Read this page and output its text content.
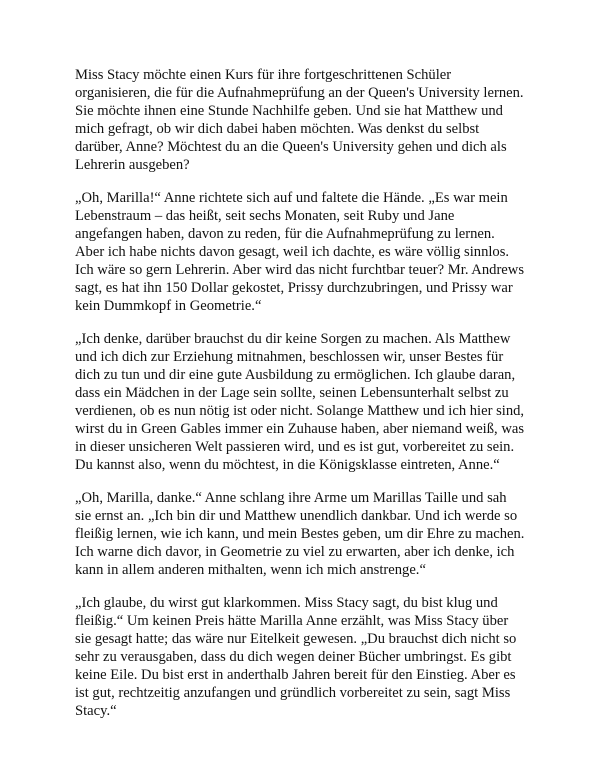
Miss Stacy möchte einen Kurs für ihre fortgeschrittenen Schüler organisieren, die für die Aufnahmeprüfung an der Queen's University lernen. Sie möchte ihnen eine Stunde Nachhilfe geben. Und sie hat Matthew und mich gefragt, ob wir dich dabei haben möchten. Was denkst du selbst darüber, Anne? Möchtest du an die Queen's University gehen und dich als Lehrerin ausgeben?

„Oh, Marilla!“ Anne richtete sich auf und faltete die Hände. „Es war mein Lebenstraum – das heißt, seit sechs Monaten, seit Ruby und Jane angefangen haben, davon zu reden, für die Aufnahmeprüfung zu lernen. Aber ich habe nichts davon gesagt, weil ich dachte, es wäre völlig sinnlos. Ich wäre so gern Lehrerin. Aber wird das nicht furchtbar teuer? Mr. Andrews sagt, es hat ihn 150 Dollar gekostet, Prissy durchzubringen, und Prissy war kein Dummkopf in Geometrie.“

„Ich denke, darüber brauchst du dir keine Sorgen zu machen. Als Matthew und ich dich zur Erziehung mitnahmen, beschlossen wir, unser Bestes für dich zu tun und dir eine gute Ausbildung zu ermöglichen. Ich glaube daran, dass ein Mädchen in der Lage sein sollte, seinen Lebensunterhalt selbst zu verdienen, ob es nun nötig ist oder nicht. Solange Matthew und ich hier sind, wirst du in Green Gables immer ein Zuhause haben, aber niemand weiß, was in dieser unsicheren Welt passieren wird, und es ist gut, vorbereitet zu sein. Du kannst also, wenn du möchtest, in die Königsklasse eintreten, Anne.“

„Oh, Marilla, danke.“ Anne schlang ihre Arme um Marillas Taille und sah sie ernst an. „Ich bin dir und Matthew unendlich dankbar. Und ich werde so fleißig lernen, wie ich kann, und mein Bestes geben, um dir Ehre zu machen. Ich warne dich davor, in Geometrie zu viel zu erwarten, aber ich denke, ich kann in allem anderen mithalten, wenn ich mich anstrenge.“

„Ich glaube, du wirst gut klarkommen. Miss Stacy sagt, du bist klug und fleißig.“ Um keinen Preis hätte Marilla Anne erzählt, was Miss Stacy über sie gesagt hatte; das wäre nur Eitelkeit gewesen. „Du brauchst dich nicht so sehr zu verausgaben, dass du dich wegen deiner Bücher umbringst. Es gibt keine Eile. Du bist erst in anderthalb Jahren bereit für den Einstieg. Aber es ist gut, rechtzeitig anzufangen und gründlich vorbereitet zu sein, sagt Miss Stacy.“
